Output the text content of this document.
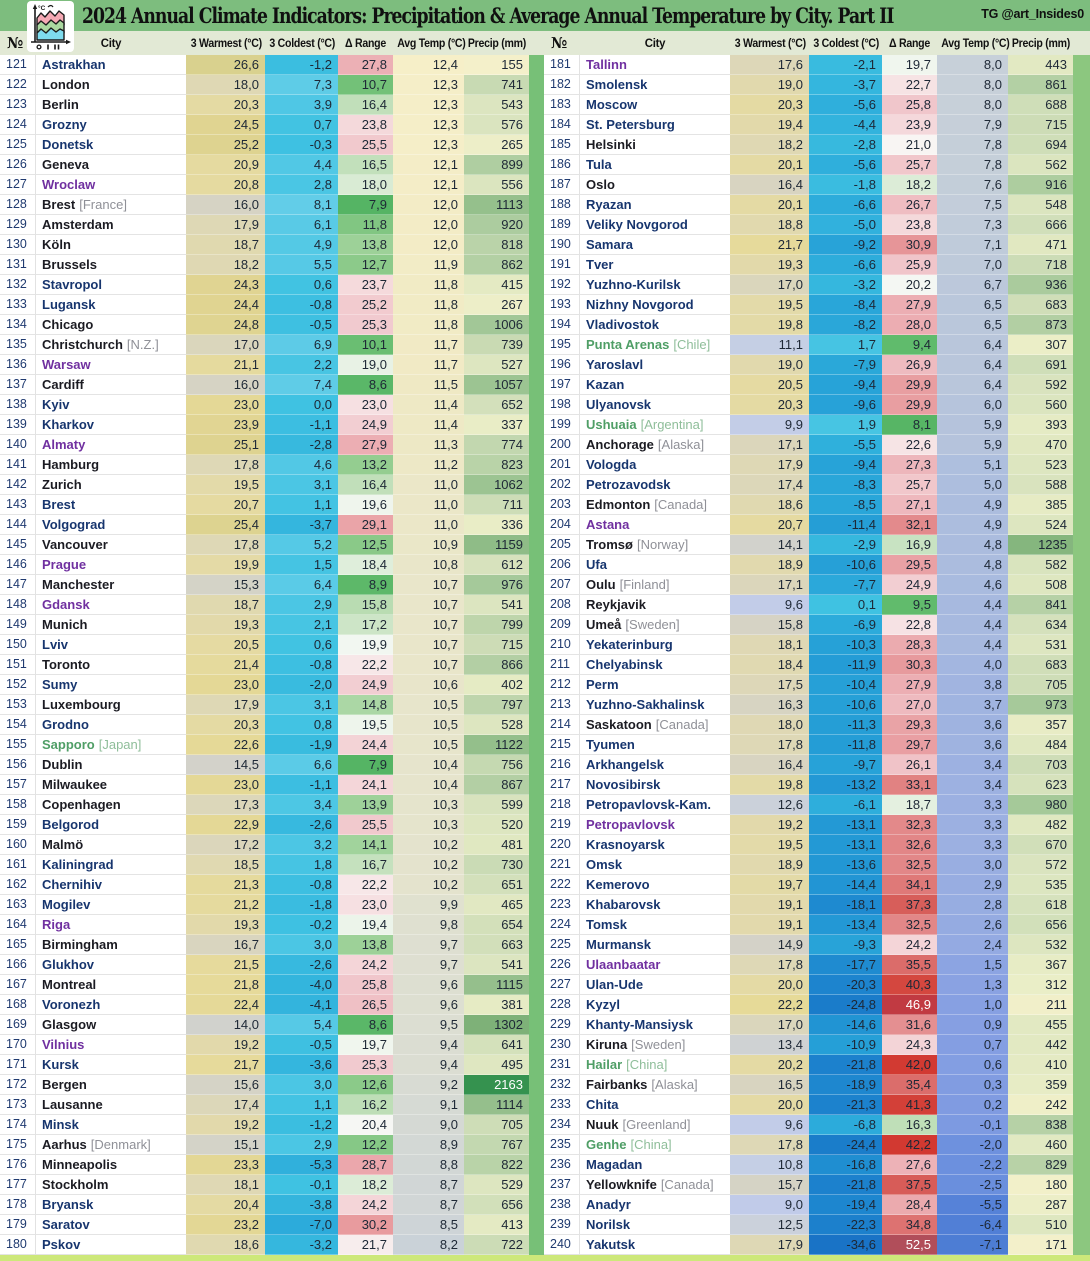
2024 Annual Climate Indicators: Precipitation & Average Annual Temperature by City. Part II	TG @art_Insides0
°C
№	City	3 Warmest (°C) 3 Coldest (°C) Δ Range Avg Temp (°C) Precip (mm)	№	City	3 Warmest (°C) 3 Coldest (°C) Δ Range Avg Temp (°C) Precip (mm)
121	Astrakhan	26,6	-1,2	27,8	12,4	155
122	London	18,0	7,3	10,7	12,3	741
123	Berlin	20,3	3,9	16,4	12,3	543
124	Grozny	24,5	0,7	23,8	12,3	576
125	Donetsk	25,2	-0,3	25,5	12,3	265
126	Geneva	20,9	4,4	16,5	12,1	899
127	Wroclaw	20,8	2,8	18,0	12,1	556
128	Brest [France]	16,0	8,1	7,9	12,0	1113
129	Amsterdam	17,9	6,1	11,8	12,0	920
130	Köln	18,7	4,9	13,8	12,0	818
131	Brussels	18,2	5,5	12,7	11,9	862
132	Stavropol	24,3	0,6	23,7	11,8	415
133	Lugansk	24,4	-0,8	25,2	11,8	267
134	Chicago	24,8	-0,5	25,3	11,8	1006
135	Christchurch [N.Z.]	17,0	6,9	10,1	11,7	739
136	Warsaw	21,1	2,2	19,0	11,7	527
137	Cardiff	16,0	7,4	8,6	11,5	1057
138	Kyiv	23,0	0,0	23,0	11,4	652
139	Kharkov	23,9	-1,1	24,9	11,4	337
140	Almaty	25,1	-2,8	27,9	11,3	774
141	Hamburg	17,8	4,6	13,2	11,2	823
142	Zurich	19,5	3,1	16,4	11,0	1062
143	Brest	20,7	1,1	19,6	11,0	711
144	Volgograd	25,4	-3,7	29,1	11,0	336
145	Vancouver	17,8	5,2	12,5	10,9	1159
146	Prague	19,9	1,5	18,4	10,8	612
147	Manchester	15,3	6,4	8,9	10,7	976
148	Gdansk	18,7	2,9	15,8	10,7	541
149	Munich	19,3	2,1	17,2	10,7	799
150	Lviv	20,5	0,6	19,9	10,7	715
151	Toronto	21,4	-0,8	22,2	10,7	866
152	Sumy	23,0	-2,0	24,9	10,6	402
153	Luxembourg	17,9	3,1	14,8	10,5	797
154	Grodno	20,3	0,8	19,5	10,5	528
155	Sapporo [Japan]	22,6	-1,9	24,4	10,5	1122
156	Dublin	14,5	6,6	7,9	10,4	756
157	Milwaukee	23,0	-1,1	24,1	10,4	867
158	Copenhagen	17,3	3,4	13,9	10,3	599
159	Belgorod	22,9	-2,6	25,5	10,3	520
160	Malmö	17,2	3,2	14,1	10,2	481
161	Kaliningrad	18,5	1,8	16,7	10,2	730
162	Chernihiv	21,3	-0,8	22,2	10,2	651
163	Mogilev	21,2	-1,8	23,0	9,9	465
164	Riga	19,3	-0,2	19,4	9,8	654
165	Birmingham	16,7	3,0	13,8	9,7	663
166	Glukhov	21,5	-2,6	24,2	9,7	541
167	Montreal	21,8	-4,0	25,8	9,6	1115
168	Voronezh	22,4	-4,1	26,5	9,6	381
169	Glasgow	14,0	5,4	8,6	9,5	1302
170	Vilnius	19,2	-0,5	19,7	9,4	641
171	Kursk	21,7	-3,6	25,3	9,4	495
172	Bergen	15,6	3,0	12,6	9,2	2163
173	Lausanne	17,4	1,1	16,2	9,1	1114
174	Minsk	19,2	-1,2	20,4	9,0	705
175	Aarhus [Denmark]	15,1	2,9	12,2	8,9	767
176	Minneapolis	23,3	-5,3	28,7	8,8	822
177	Stockholm	18,1	-0,1	18,2	8,7	529
178	Bryansk	20,4	-3,8	24,2	8,7	656
179	Saratov	23,2	-7,0	30,2	8,5	413
180	Pskov	18,6	-3,2	21,7	8,2	722
181	Tallinn	17,6	-2,1	19,7	8,0	443
182	Smolensk	19,0	-3,7	22,7	8,0	861
183	Moscow	20,3	-5,6	25,8	8,0	688
184	St. Petersburg	19,4	-4,4	23,9	7,9	715
185	Helsinki	18,2	-2,8	21,0	7,8	694
186	Tula	20,1	-5,6	25,7	7,8	562
187	Oslo	16,4	-1,8	18,2	7,6	916
188	Ryazan	20,1	-6,6	26,7	7,5	548
189	Veliky Novgorod	18,8	-5,0	23,8	7,3	666
190	Samara	21,7	-9,2	30,9	7,1	471
191	Tver	19,3	-6,6	25,9	7,0	718
192	Yuzhno-Kurilsk	17,0	-3,2	20,2	6,7	936
193	Nizhny Novgorod	19,5	-8,4	27,9	6,5	683
194	Vladivostok	19,8	-8,2	28,0	6,5	873
195	Punta Arenas [Chile]	11,1	1,7	9,4	6,4	307
196	Yaroslavl	19,0	-7,9	26,9	6,4	691
197	Kazan	20,5	-9,4	29,9	6,4	592
198	Ulyanovsk	20,3	-9,6	29,9	6,0	560
199	Ushuaia [Argentina]	9,9	1,9	8,1	5,9	393
200	Anchorage [Alaska]	17,1	-5,5	22,6	5,9	470
201	Vologda	17,9	-9,4	27,3	5,1	523
202	Petrozavodsk	17,4	-8,3	25,7	5,0	588
203	Edmonton [Canada]	18,6	-8,5	27,1	4,9	385
204	Astana	20,7	-11,4	32,1	4,9	524
205	Tromsø [Norway]	14,1	-2,9	16,9	4,8	1235
206	Ufa	18,9	-10,6	29,5	4,8	582
207	Oulu [Finland]	17,1	-7,7	24,9	4,6	508
208	Reykjavik	9,6	0,1	9,5	4,4	841
209	Umeå [Sweden]	15,8	-6,9	22,8	4,4	634
210	Yekaterinburg	18,1	-10,3	28,3	4,4	531
211	Chelyabinsk	18,4	-11,9	30,3	4,0	683
212	Perm	17,5	-10,4	27,9	3,8	705
213	Yuzhno-Sakhalinsk	16,3	-10,6	27,0	3,7	973
214	Saskatoon [Canada]	18,0	-11,3	29,3	3,6	357
215	Tyumen	17,8	-11,8	29,7	3,6	484
216	Arkhangelsk	16,4	-9,7	26,1	3,4	703
217	Novosibirsk	19,8	-13,2	33,1	3,4	623
218	Petropavlovsk-Kam.	12,6	-6,1	18,7	3,3	980
219	Petropavlovsk	19,2	-13,1	32,3	3,3	482
220	Krasnoyarsk	19,5	-13,1	32,6	3,3	670
221	Omsk	18,9	-13,6	32,5	3,0	572
222	Kemerovo	19,7	-14,4	34,1	2,9	535
223	Khabarovsk	19,1	-18,1	37,3	2,8	618
224	Tomsk	19,1	-13,4	32,5	2,6	656
225	Murmansk	14,9	-9,3	24,2	2,4	532
226	Ulaanbaatar	17,8	-17,7	35,5	1,5	367
227	Ulan-Ude	20,0	-20,3	40,3	1,3	312
228	Kyzyl	22,2	-24,8	46,9	1,0	211
229	Khanty-Mansiysk	17,0	-14,6	31,6	0,9	455
230	Kiruna [Sweden]	13,4	-10,9	24,3	0,7	442
231	Hailar [China]	20,2	-21,8	42,0	0,6	410
232	Fairbanks [Alaska]	16,5	-18,9	35,4	0,3	359
233	Chita	20,0	-21,3	41,3	0,2	242
234	Nuuk [Greenland]	9,6	-6,8	16,3	-0,1	838
235	Genhe [China]	17,8	-24,4	42,2	-2,0	460
236	Magadan	10,8	-16,8	27,6	-2,2	829
237	Yellowknife [Canada]	15,7	-21,8	37,5	-2,5	180
238	Anadyr	9,0	-19,4	28,4	-5,5	287
239	Norilsk	12,5	-22,3	34,8	-6,4	510
240	Yakutsk	17,9	-34,6	52,5	-7,1	171
